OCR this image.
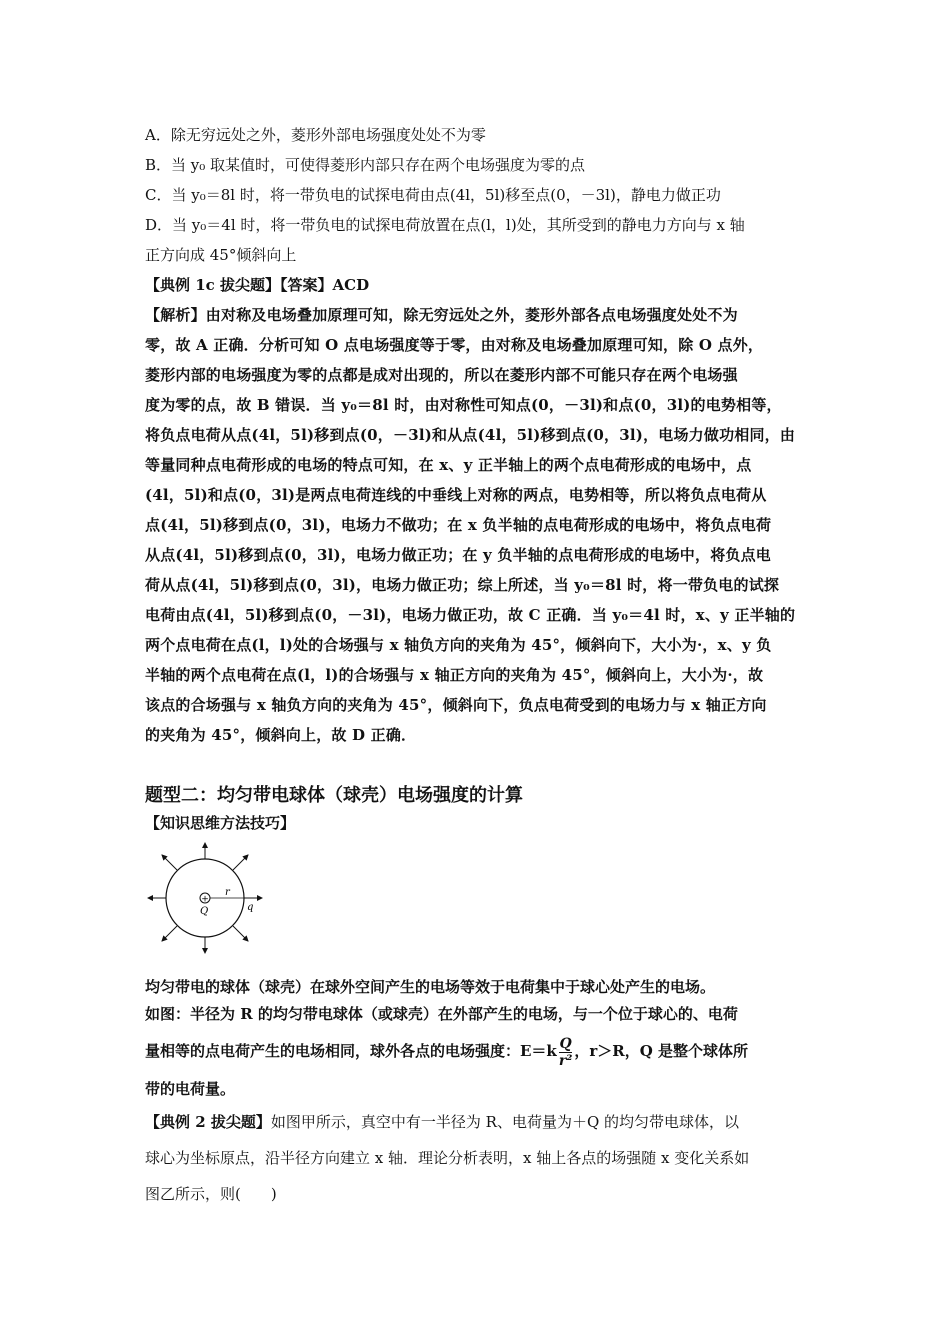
A．除无穷远处之外，菱形外部电场强度处处不为零
B．当 y₀ 取某值时，可使得菱形内部只存在两个电场强度为零的点
C．当 y₀＝8l 时，将一带负电的试探电荷由点(4l，5l)移至点(0，－3l)，静电力做正功
D．当 y₀＝4l 时，将一带负电的试探电荷放置在点(l，l)处，其所受到的静电力方向与 x 轴
正方向成 45°倾斜向上
【典例 1c 拔尖题】【答案】ACD
【解析】由对称及电场叠加原理可知，除无穷远处之外，菱形外部各点电场强度处处不为
零，故 A 正确．分析可知 O 点电场强度等于零，由对称及电场叠加原理可知，除 O 点外，
菱形内部的电场强度为零的点都是成对出现的，所以在菱形内部不可能只存在两个电场强
度为零的点，故 B 错误．当 y₀＝8l 时，由对称性可知点(0，－3l)和点(0，3l)的电势相等，
将负点电荷从点(4l，5l)移到点(0，－3l)和从点(4l，5l)移到点(0，3l)，电场力做功相同，由
等量同种点电荷形成的电场的特点可知，在 x、y 正半轴上的两个点电荷形成的电场中，点
(4l，5l)和点(0，3l)是两点电荷连线的中垂线上对称的两点，电势相等，所以将负点电荷从
点(4l，5l)移到点(0，3l)，电场力不做功；在 x 负半轴的点电荷形成的电场中，将负点电荷
从点(4l，5l)移到点(0，3l)，电场力做正功；在 y 负半轴的点电荷形成的电场中，将负点电
荷从点(4l，5l)移到点(0，3l)，电场力做正功；综上所述，当 y₀＝8l 时，将一带负电的试探
电荷由点(4l，5l)移到点(0，－3l)，电场力做正功，故 C 正确．当 y₀＝4l 时，x、y 正半轴的
两个点电荷在点(l，l)处的合场强与 x 轴负方向的夹角为 45°，倾斜向下，大小为·，x、y 负
半轴的两个点电荷在点(l，l)的合场强与 x 轴正方向的夹角为 45°，倾斜向上，大小为·，故
该点的合场强与 x 轴负方向的夹角为 45°，倾斜向下，负点电荷受到的电场力与 x 轴正方向
的夹角为 45°，倾斜向上，故 D 正确．
题型二：均匀带电球体（球壳）电场强度的计算
【知识思维方法技巧】
+
Q
r
q
均匀带电的球体（球壳）在球外空间产生的电场等效于电荷集中于球心处产生的电场。
如图：半径为 R 的均匀带电球体（或球壳）在外部产生的电场，与一个位于球心的、电荷
量相等的点电荷产生的电场相同，球外各点的电场强度：$E=k \frac{Q}{\text{r²}}$ ，r＞R，Q 是整个球体所
带的电荷量。
【典例 2 拔尖题】如图甲所示，真空中有一半径为 R、电荷量为＋Q 的均匀带电球体，以
球心为坐标原点，沿半径方向建立 x 轴．理论分析表明，x 轴上各点的场强随 x 变化关系如
图乙所示，则(　　)
